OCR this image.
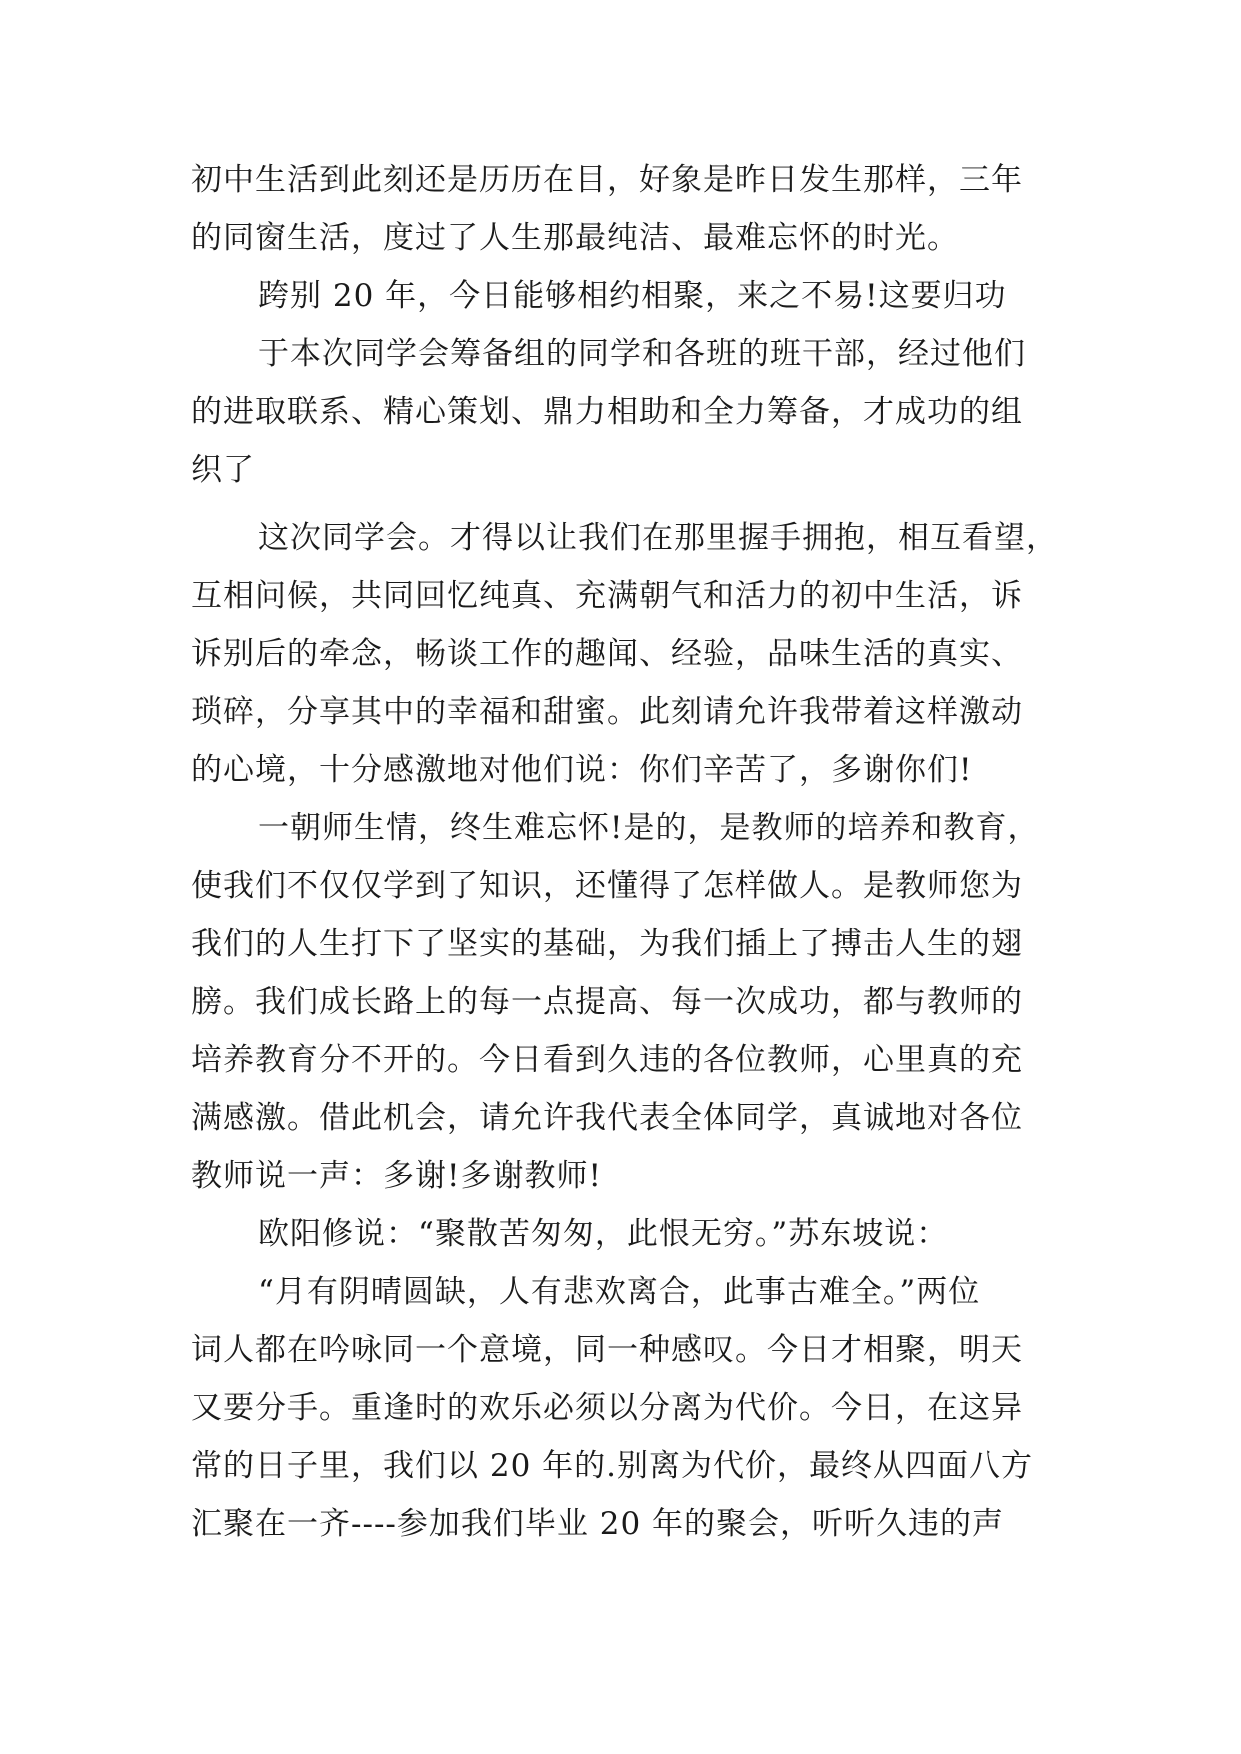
初中生活到此刻还是历历在目，好象是昨日发生那样，三年

的同窗生活，度过了人生那最纯洁、最难忘怀的时光。

跨别 20 年，今日能够相约相聚，来之不易!这要归功

于本次同学会筹备组的同学和各班的班干部，经过他们

的进取联系、精心策划、鼎力相助和全力筹备，才成功的组

织了

这次同学会。才得以让我们在那里握手拥抱，相互看望，

互相问候，共同回忆纯真、充满朝气和活力的初中生活，诉

诉别后的牵念，畅谈工作的趣闻、经验，品味生活的真实、

琐碎，分享其中的幸福和甜蜜。此刻请允许我带着这样激动

的心境，十分感激地对他们说：你们辛苦了，多谢你们!

一朝师生情，终生难忘怀!是的，是教师的培养和教育，

使我们不仅仅学到了知识，还懂得了怎样做人。是教师您为

我们的人生打下了坚实的基础，为我们插上了搏击人生的翅

膀。我们成长路上的每一点提高、每一次成功，都与教师的

培养教育分不开的。今日看到久违的各位教师，心里真的充

满感激。借此机会，请允许我代表全体同学，真诚地对各位

教师说一声：多谢!多谢教师!

欧阳修说：“聚散苦匆匆，此恨无穷。”苏东坡说：

“月有阴晴圆缺，人有悲欢离合，此事古难全。”两位

词人都在吟咏同一个意境，同一种感叹。今日才相聚，明天

又要分手。重逢时的欢乐必须以分离为代价。今日，在这异

常的日子里，我们以 20 年的.别离为代价，最终从四面八方

汇聚在一齐----参加我们毕业 20 年的聚会，听听久违的声
